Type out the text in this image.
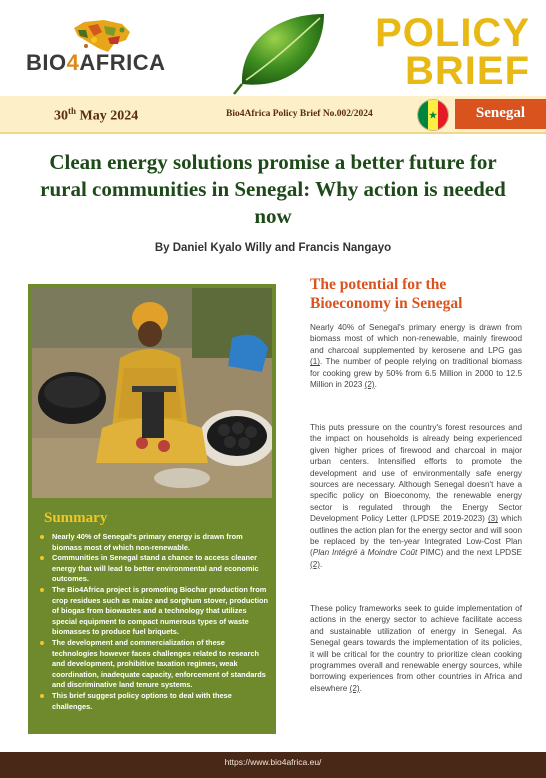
BIO4AFRICA
POLICY
BRIEF
30th May 2024	Bio4Africa Policy Brief No.002/2024	Senegal
Clean energy solutions promise a better future for rural communities in Senegal: Why action is needed now
By Daniel Kyalo Willy and Francis Nangayo
Summary
Nearly 40% of Senegal's primary energy is drawn from biomass most of which non-renewable.
Communities in Senegal stand a chance to access cleaner energy that will lead to better environmental and economic outcomes.
The Bio4Africa project is promoting Biochar production from crop residues such as maize and sorghum stover, production of biogas from biowastes and a technology that utilizes special equipment to compact numerous types of waste biomasses to produce fuel briquets.
The development and commercialization of these technologies however faces challenges related to research and development, prohibitive taxation regimes, weak coordination, inadequate capacity, enforcement of standards and discriminative land tenure systems.
This brief suggest policy options to deal with these challenges.
The potential for the Bioeconomy in Senegal

Nearly 40% of Senegal's primary energy is drawn from biomass most of which non-renewable, mainly firewood and charcoal supplemented by kerosene and LPG gas (1). The number of people relying on traditional biomass for cooking grew by 50% from 6.5 Million in 2000 to 12.5 Million in 2023 (2).

This puts pressure on the country's forest resources and the impact on households is already being experienced given higher prices of firewood and charcoal in major urban centers. Intensified efforts to promote the development and use of environmentally safe energy sources are necessary. Although Senegal doesn't have a specific policy on Bioeconomy, the renewable energy sector is regulated through the Energy Sector Development Policy Letter (LPDSE 2019-2023) (3) which outlines the action plan for the energy sector and will soon be replaced by the ten-year Integrated Low-Cost Plan (Plan Intégré à Moindre Coût PIMC) and the next LPDSE (2).

These policy frameworks seek to guide implementation of actions in the energy sector to achieve facilitate access and sustainable utilization of energy in Senegal. As Senegal gears towards the implementation of its policies, it will be critical for the country to prioritize clean cooking programmes overall and renewable energy sources, while borrowing experiences from other countries in Africa and elsewhere (2).

https://www.bio4africa.eu/
